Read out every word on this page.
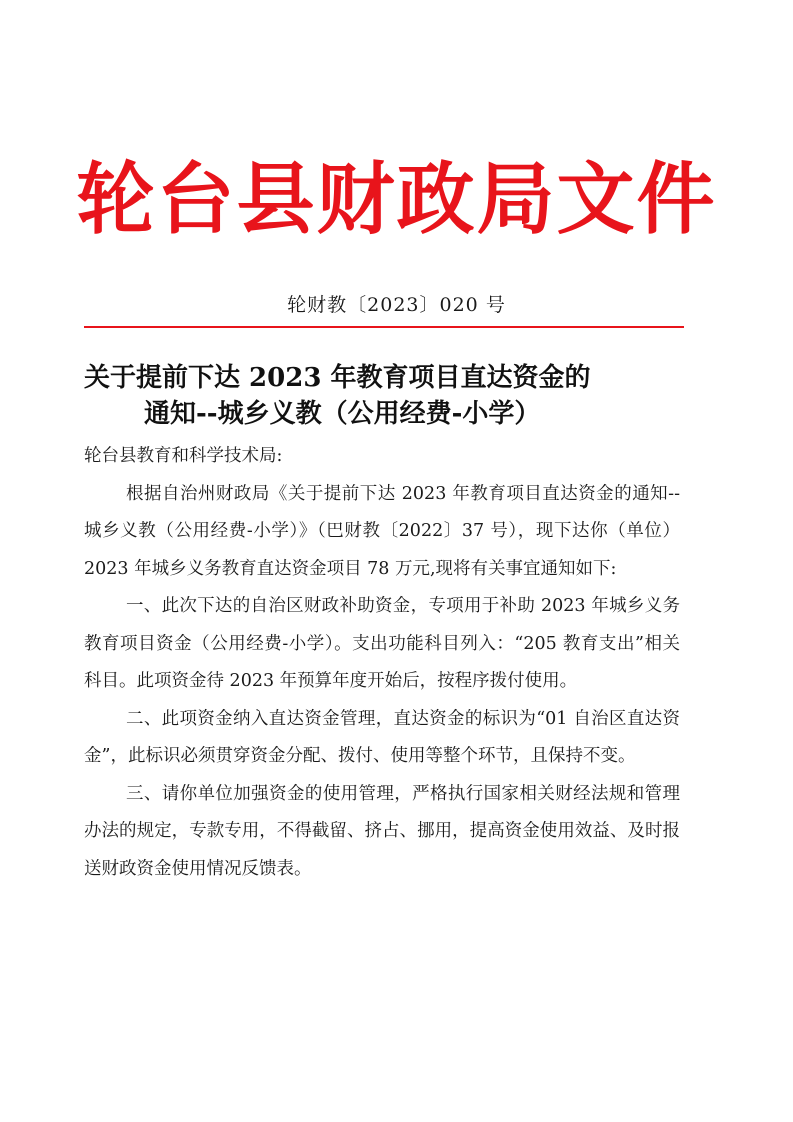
轮台县财政局文件
轮财教〔2023〕020 号
关于提前下达 2023 年教育项目直达资金的
通知--城乡义教（公用经费-小学）

轮台县教育和科学技术局:

根据自治州财政局《关于提前下达 2023 年教育项目直达资金的通知--城乡义教（公用经费-小学）》（巴财教〔2022〕37 号），现下达你（单位）2023 年城乡义务教育直达资金项目 78 万元,现将有关事宜通知如下:

一、此次下达的自治区财政补助资金，专项用于补助 2023 年城乡义务教育项目资金（公用经费-小学）。支出功能科目列入：“205 教育支出”相关科目。此项资金待 2023 年预算年度开始后，按程序拨付使用。

二、此项资金纳入直达资金管理，直达资金的标识为“01 自治区直达资金”，此标识必须贯穿资金分配、拨付、使用等整个环节，且保持不变。

三、请你单位加强资金的使用管理，严格执行国家相关财经法规和管理办法的规定，专款专用，不得截留、挤占、挪用，提高资金使用效益、及时报送财政资金使用情况反馈表。
